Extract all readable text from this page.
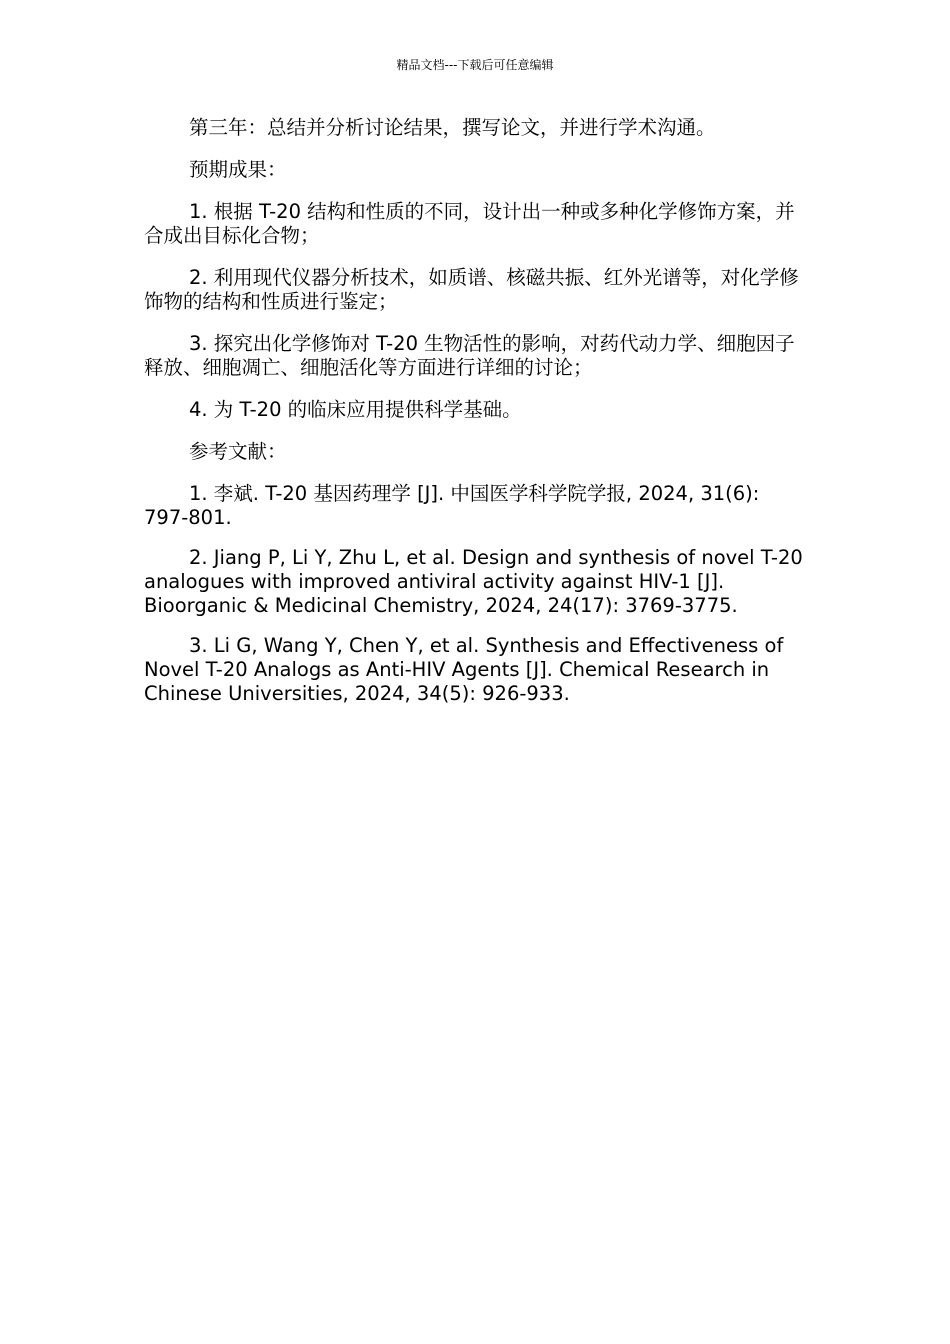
精品文档---下载后可任意编辑

第三年：总结并分析讨论结果，撰写论文，并进行学术沟通。

预期成果：

1. 根据 T-20 结构和性质的不同，设计出一种或多种化学修饰方案，并合成出目标化合物；

2. 利用现代仪器分析技术，如质谱、核磁共振、红外光谱等，对化学修饰物的结构和性质进行鉴定；

3. 探究出化学修饰对 T-20 生物活性的影响，对药代动力学、细胞因子释放、细胞凋亡、细胞活化等方面进行详细的讨论；

4. 为 T-20 的临床应用提供科学基础。

参考文献：

1. 李斌. T-20 基因药理学 [J]. 中国医学科学院学报, 2024, 31(6): 797-801.

2. Jiang P, Li Y, Zhu L, et al. Design and synthesis of novel T-20 analogues with improved antiviral activity against HIV-1 [J]. Bioorganic & Medicinal Chemistry, 2024, 24(17): 3769-3775.

3. Li G, Wang Y, Chen Y, et al. Synthesis and Effectiveness of Novel T-20 Analogs as Anti-HIV Agents [J]. Chemical Research in Chinese Universities, 2024, 34(5): 926-933.
